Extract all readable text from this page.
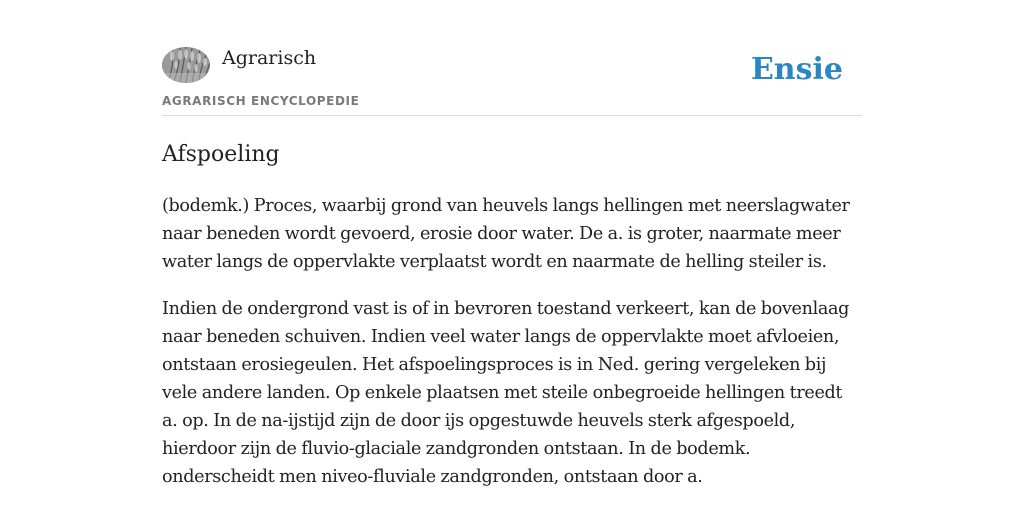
Agrarisch
AGRARISCH ENCYCLOPEDIE
Ensie
Afspoeling

(bodemk.) Proces, waarbij grond van heuvels langs hellingen met neerslagwater naar beneden wordt gevoerd, erosie door water. De a. is groter, naarmate meer water langs de oppervlakte verplaatst wordt en naarmate de helling steiler is.

Indien de ondergrond vast is of in bevroren toestand verkeert, kan de bovenlaag naar beneden schuiven. Indien veel water langs de oppervlakte moet afvloeien, ontstaan erosiegeulen. Het afspoelingsproces is in Ned. gering vergeleken bij vele andere landen. Op enkele plaatsen met steile onbegroeide hellingen treedt a. op. In de na-ijstijd zijn de door ijs opgestuwde heuvels sterk afgespoeld, hierdoor zijn de fluvio-glaciale zandgronden ontstaan. In de bodemk. onderscheidt men niveo-fluviale zandgronden, ontstaan door a.
